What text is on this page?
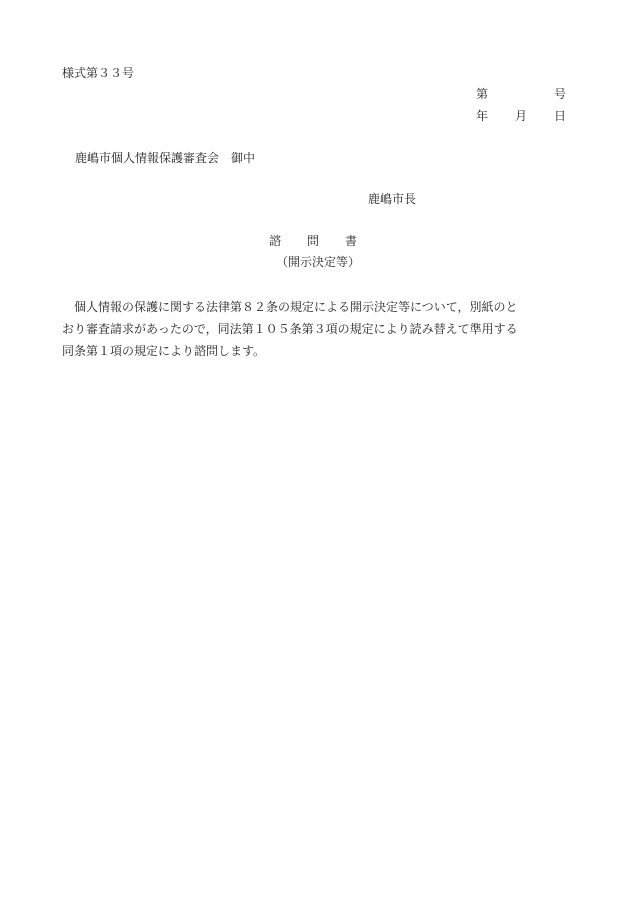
様式第３３号
第	号
年 月 日
鹿嶋市個人情報保護審査会　御中
鹿嶋市長
諮 問 書
（開示決定等）
　個人情報の保護に関する法律第８２条の規定による開示決定等について，別紙のと
おり審査請求があったので，同法第１０５条第３項の規定により読み替えて準用する
同条第１項の規定により諮問します。
